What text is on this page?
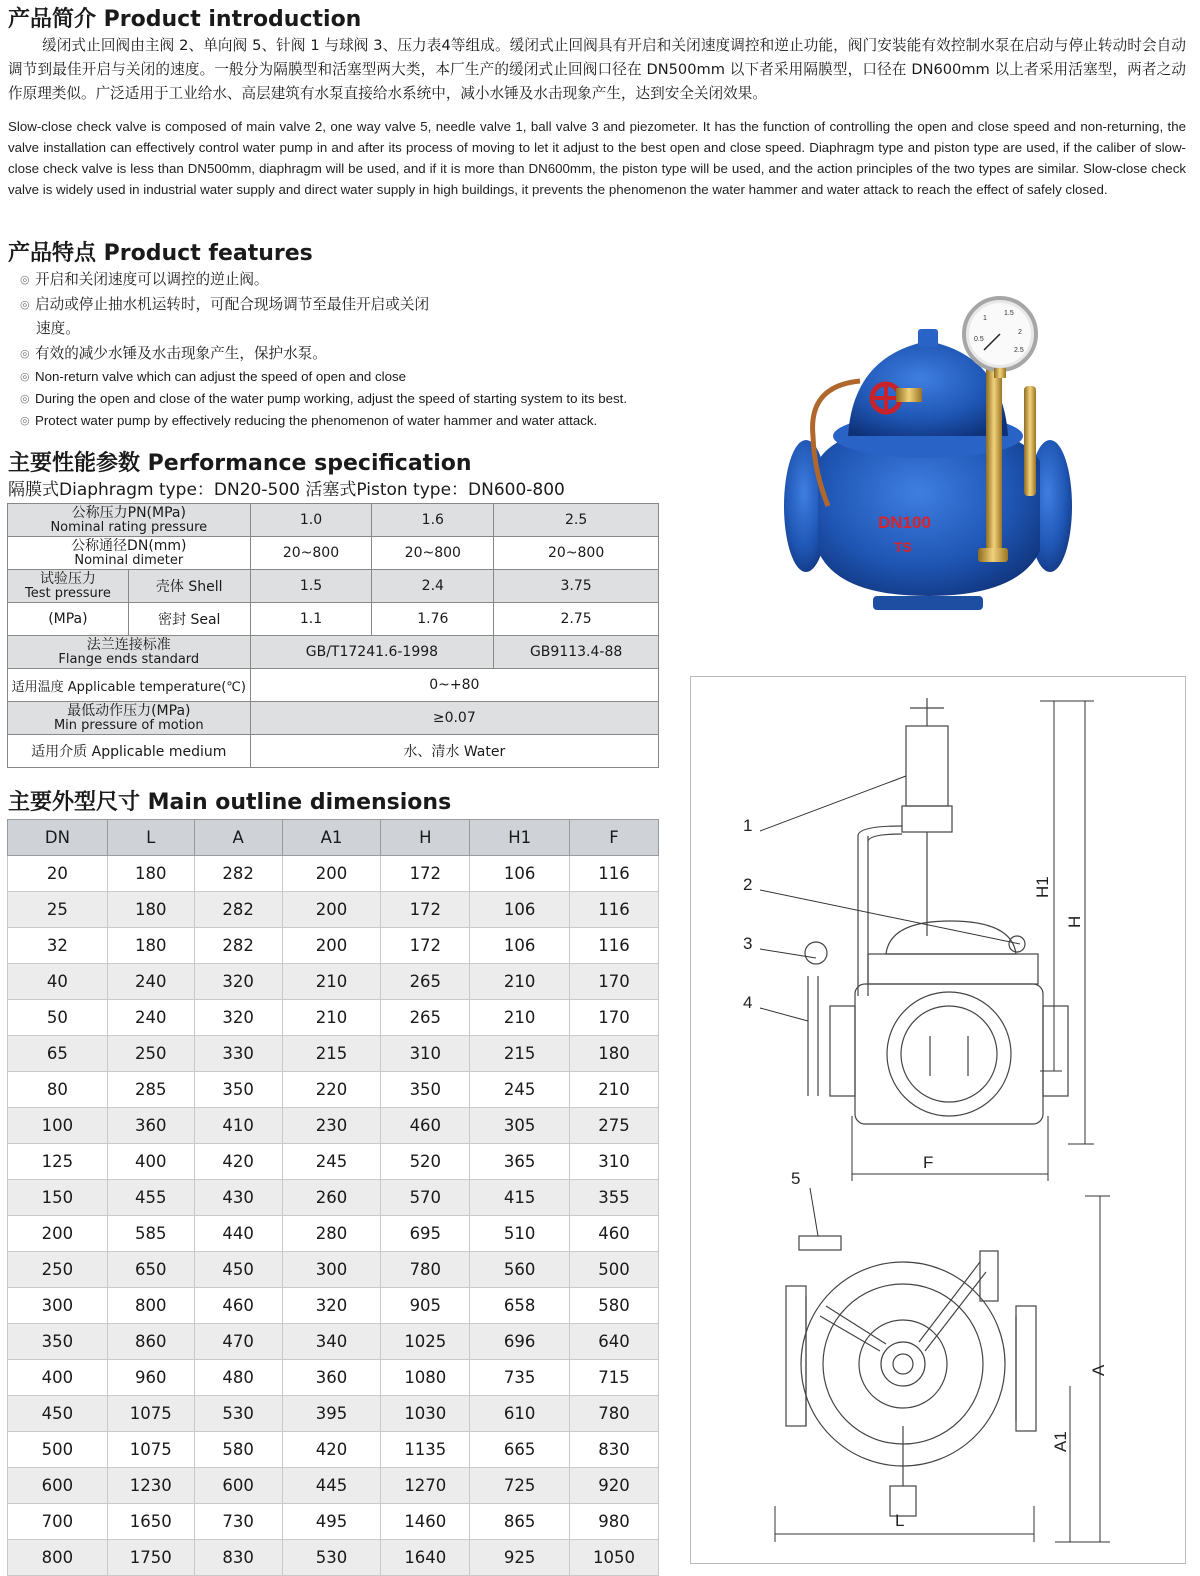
产品简介 Product introduction
缓闭式止回阀由主阀 2、单向阀 5、针阀 1 与球阀 3、压力表4等组成。缓闭式止回阀具有开启和关闭速度调控和逆止功能，阀门安装能有效控制水泵在启动与停止转动时会自动调节到最佳开启与关闭的速度。一般分为隔膜型和活塞型两大类，本厂生产的缓闭式止回阀口径在 DN500mm 以下者采用隔膜型，口径在 DN600mm 以上者采用活塞型，两者之动作原理类似。广泛适用于工业给水、高层建筑有水泵直接给水系统中，减小水锤及水击现象产生，达到安全关闭效果。
Slow-close check valve is composed of main valve 2, one way valve 5, needle valve 1, ball valve 3 and piezometer. It has the function of controlling the open and close speed and non-returning, the valve installation can effectively control water pump in and after its process of moving to let it adjust to the best open and close speed. Diaphragm type and piston type are used, if the caliber of slow-close check valve is less than DN500mm, diaphragm will be used, and if it is more than DN600mm, the piston type will be used, and the action principles of the two types are similar. Slow-close check valve is widely used in industrial water supply and direct water supply in high buildings, it prevents the phenomenon the water hammer and water attack to reach the effect of safely closed.
产品特点 Product features
◎ 开启和关闭速度可以调控的逆止阀。
◎ 启动或停止抽水机运转时，可配合现场调节至最佳开启或关闭
速度。
◎ 有效的减少水锤及水击现象产生，保护水泵。
◎ Non-return valve which can adjust the speed of open and close
◎ During the open and close of the water pump working, adjust the speed of starting system to its best.
◎ Protect water pump by effectively reducing the phenomenon of water hammer and water attack.
主要性能参数 Performance specification
隔膜式Diaphragm type：DN20-500 活塞式Piston type：DN600-800
公称压力PN(MPa)
Nominal rating pressure		1.0	1.6	2.5

公称通径DN(mm)
Nominal dimeter		20~800	20~800	20~800

试验压力
Test pressure	壳体 Shell	1.5	2.4	3.75
(MPa)	密封 Seal	1.1	1.76	2.75

法兰连接标准
Flange ends standard		GB/T17241.6-1998		GB9113.4-88
适用温度 Applicable temperature(℃)		0~+80		

最低动作压力(MPa)
Min pressure of motion		≥0.07		
适用介质 Applicable medium		水、清水 Water		
主要外型尺寸 Main outline dimensions
DN	L	A	A1	H	H1	F
20	180	282	200	172	106	116
25	180	282	200	172	106	116
32	180	282	200	172	106	116
40	240	320	210	265	210	170
50	240	320	210	265	210	170
65	250	330	215	310	215	180
80	285	350	220	350	245	210
100	360	410	230	460	305	275
125	400	420	245	520	365	310
150	455	430	260	570	415	355
200	585	440	280	695	510	460
250	650	450	300	780	560	500
300	800	460	320	905	658	580
350	860	470	340	1025	696	640
400	960	480	360	1080	735	715
450	1075	530	395	1030	610	780
500	1075	580	420	1135	665	830
600	1230	600	445	1270	725	920
700	1650	730	495	1460	865	980
800	1750	830	530	1640	925	1050
DN100
TS
0.5
1
1.5
2
2.5
1
2
3
4
5
H1
H
F
A
A1
L
